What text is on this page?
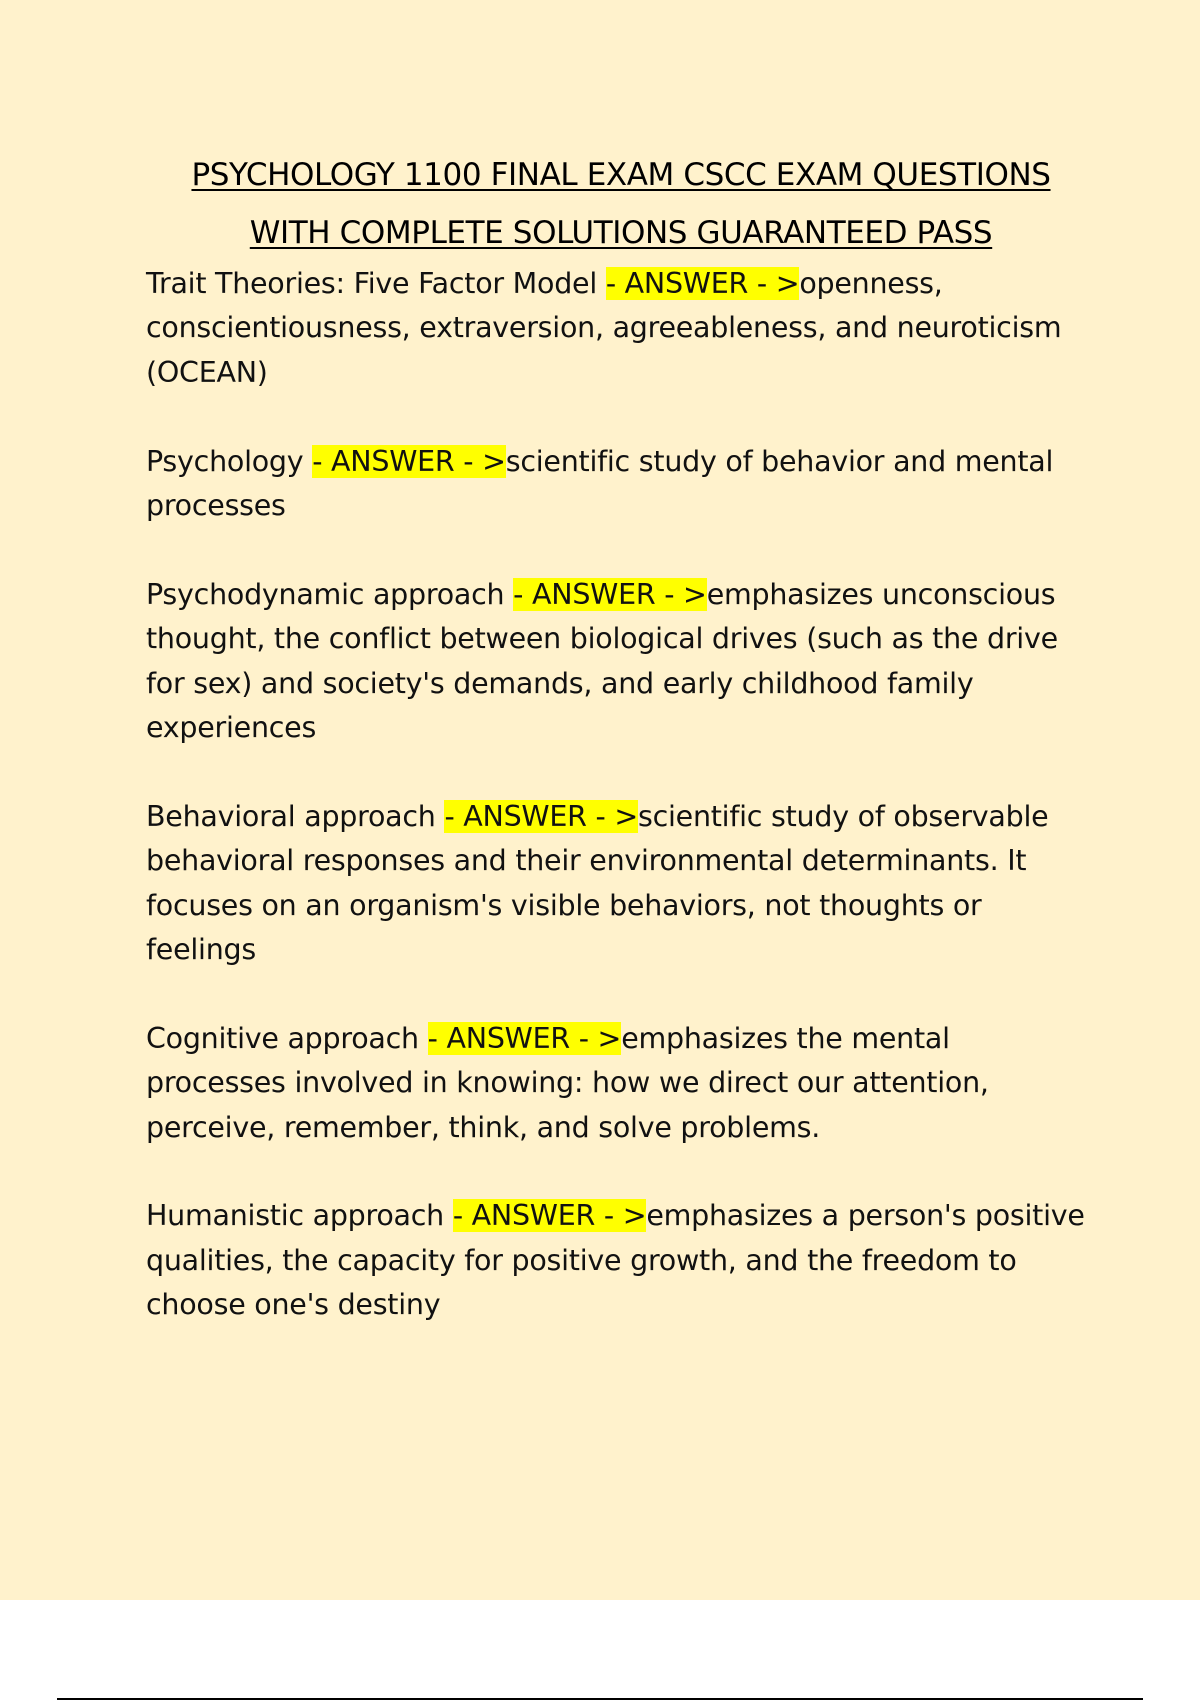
PSYCHOLOGY 1100 FINAL EXAM CSCC EXAM QUESTIONS
WITH COMPLETE SOLUTIONS GUARANTEED PASS

Trait Theories: Five Factor Model - ANSWER - >openness, conscientiousness, extraversion, agreeableness, and neuroticism
(OCEAN)

Psychology - ANSWER - >scientific study of behavior and mental processes

Psychodynamic approach - ANSWER - >emphasizes unconscious thought, the conflict between biological drives (such as the drive for sex) and society's demands, and early childhood family experiences

Behavioral approach - ANSWER - >scientific study of observable behavioral responses and their environmental determinants. It focuses on an organism's visible behaviors, not thoughts or feelings

Cognitive approach - ANSWER - >emphasizes the mental processes involved in knowing: how we direct our attention, perceive, remember, think, and solve problems.

Humanistic approach - ANSWER - >emphasizes a person's positive qualities, the capacity for positive growth, and the freedom to choose one's destiny
